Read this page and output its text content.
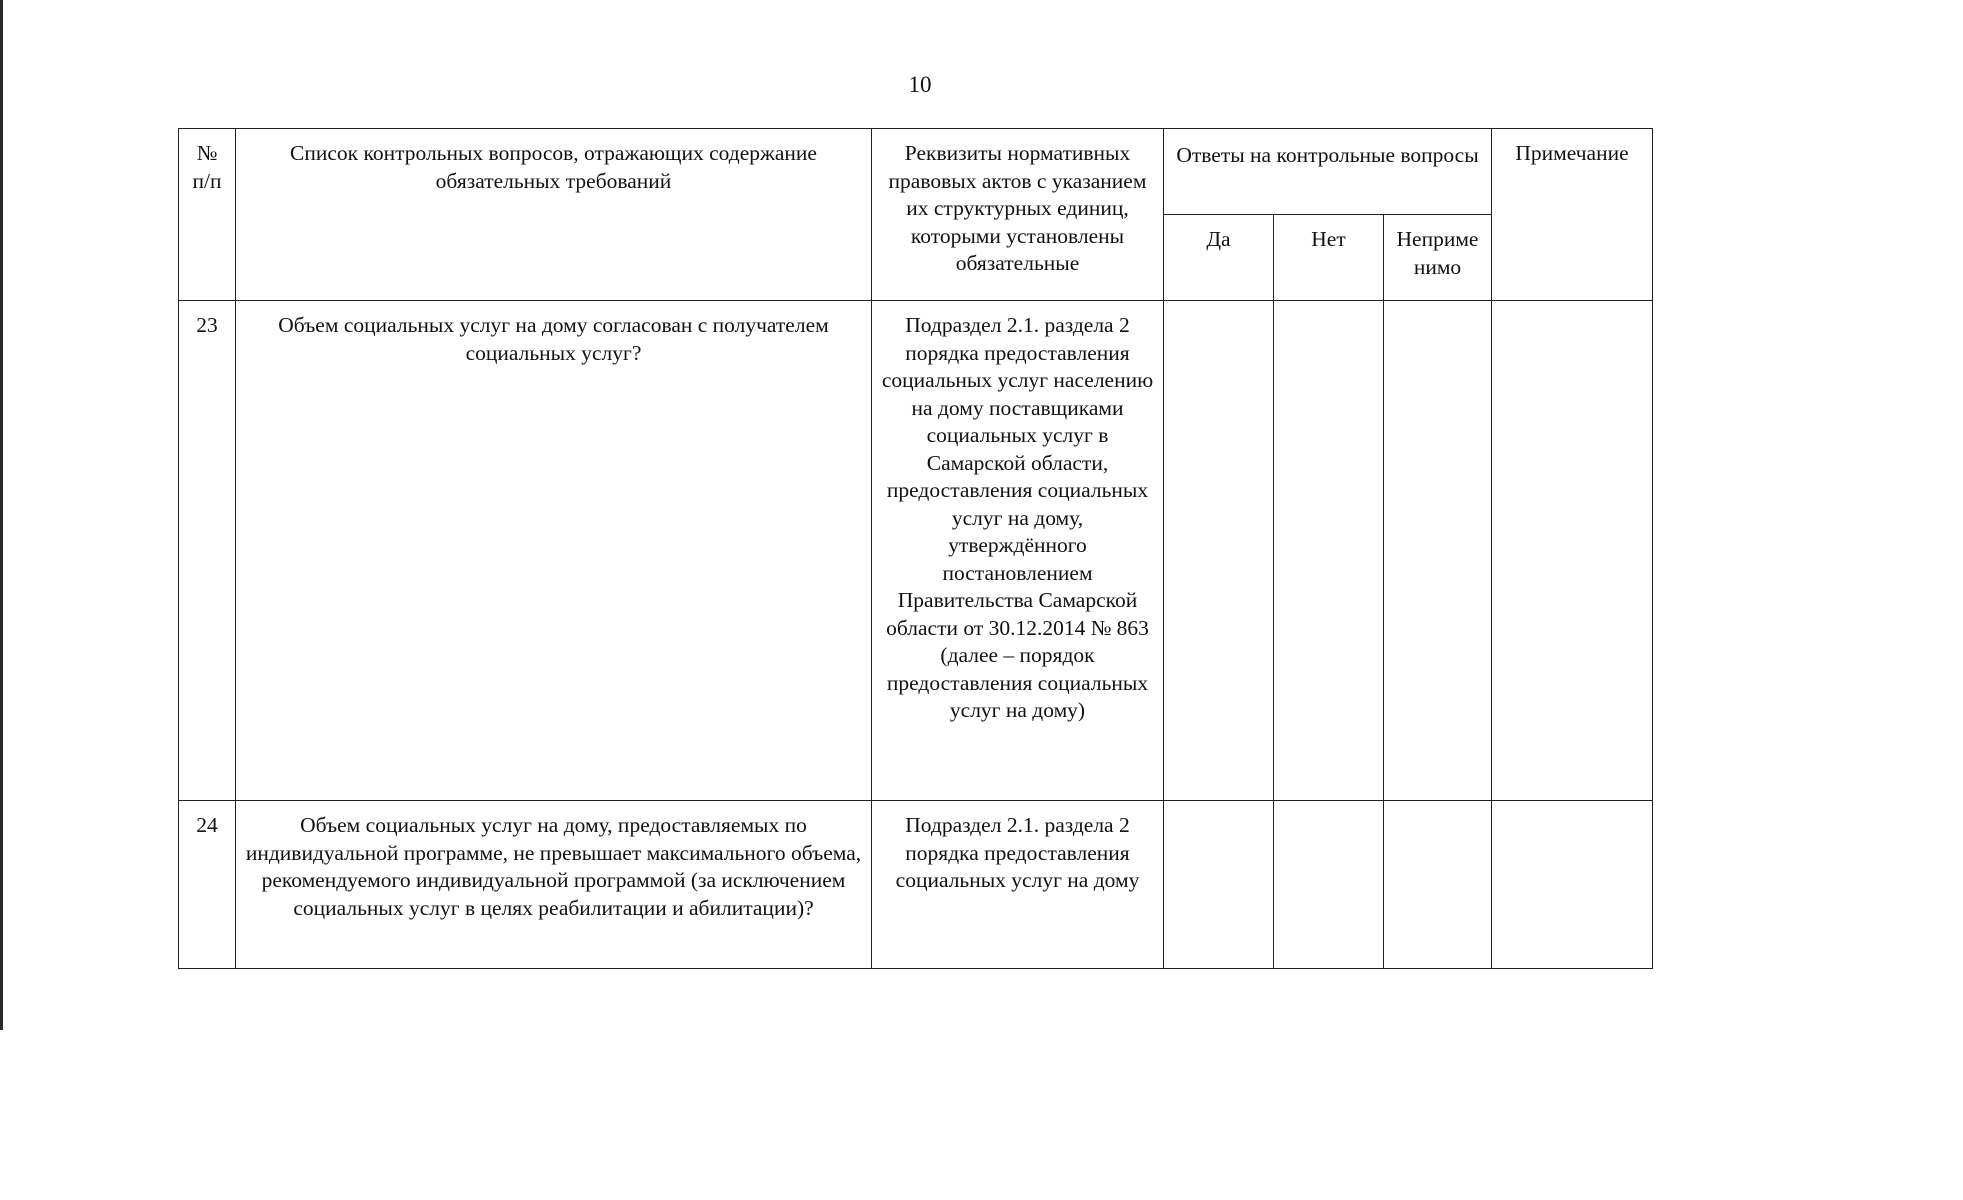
10
№ п/п	Список контрольных вопросов, отражающих содержание обязательных требований	Реквизиты нормативных правовых актов с указанием их структурных единиц, которыми установлены обязательные	Ответы на контрольные вопросы			Примечание
			Да	Нет	Неприме нимо	
23	Объем социальных услуг на дому согласован с получателем социальных услуг?	Подраздел 2.1. раздела 2 порядка предоставления социальных услуг населению на дому поставщиками социальных услуг в Самарской области, предоставления социальных услуг на дому, утверждённого постановлением Правительства Самарской области от 30.12.2014 № 863 (далее – порядок предоставления социальных услуг на дому)				
24	Объем социальных услуг на дому, предоставляемых по индивидуальной программе, не превышает максимального объема, рекомендуемого индивидуальной программой (за исключением социальных услуг в целях реабилитации и абилитации)?	Подраздел 2.1. раздела 2 порядка предоставления социальных услуг на дому				
